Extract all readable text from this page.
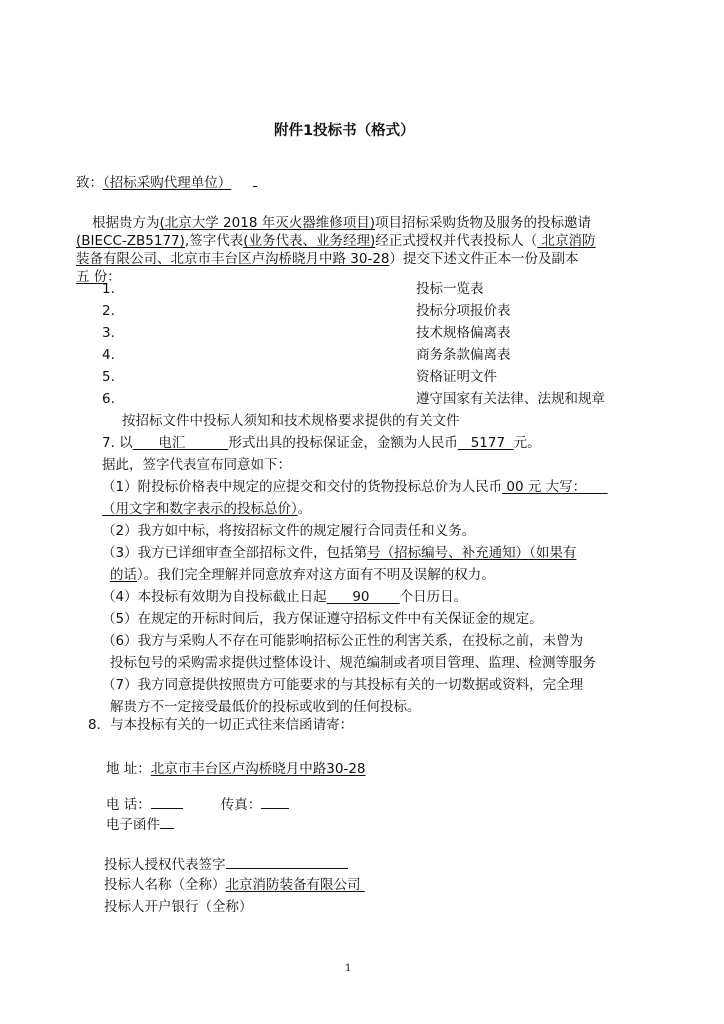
附件1投标书（格式）
致：（招标采购代理单位）
根据贵方为(北京大学 2018 年灭火器维修项目)项目招标采购货物及服务的投标邀请
(BIECC-ZB5177),签字代表(业务代表、业务经理)经正式授权并代表投标人（ 北京消防
装备有限公司、北京市丰台区卢沟桥晓月中路 30-28）提交下述文件正本一份及副本
五 份：
1.	投标一览表
2.	投标分项报价表
3.	技术规格偏离表
4.	商务条款偏离表
5.	资格证明文件
6.	遵守国家有关法律、法规和规章
按招标文件中投标人须知和技术规格要求提供的有关文件
7. 以 电汇	形式出具的投标保证金，金额为人民币 5177 元。
据此，签字代表宣布同意如下：
（1）附投标价格表中规定的应提交和交付的货物投标总价为人民币 00 元 大写：
（用文字和数字表示的投标总价）。
（2）我方如中标，将按招标文件的规定履行合同责任和义务。
（3）我方已详细审查全部招标文件，包括第号（招标编号、补充通知）（如果有
的话）。我们完全理解并同意放弃对这方面有不明及误解的权力。
（4）本投标有效期为自投标截止日起 90 个日历日。
（5）在规定的开标时间后，我方保证遵守招标文件中有关保证金的规定。
（6）我方与采购人不存在可能影响招标公正性的利害关系，在投标之前，未曾为
投标包号的采购需求提供过整体设计、规范编制或者项目管理、监理、检测等服务
（7）我方同意提供按照贵方可能要求的与其投标有关的一切数据或资料，完全理
解贵方不一定接受最低价的投标或收到的任何投标。
8．与本投标有关的一切正式往来信函请寄：
地 址：北京市丰台区卢沟桥晓月中路30-28
电 话：	传真：
电子函件
投标人授权代表签字
投标人名称（全称）北京消防装备有限公司
投标人开户银行（全称）
1
